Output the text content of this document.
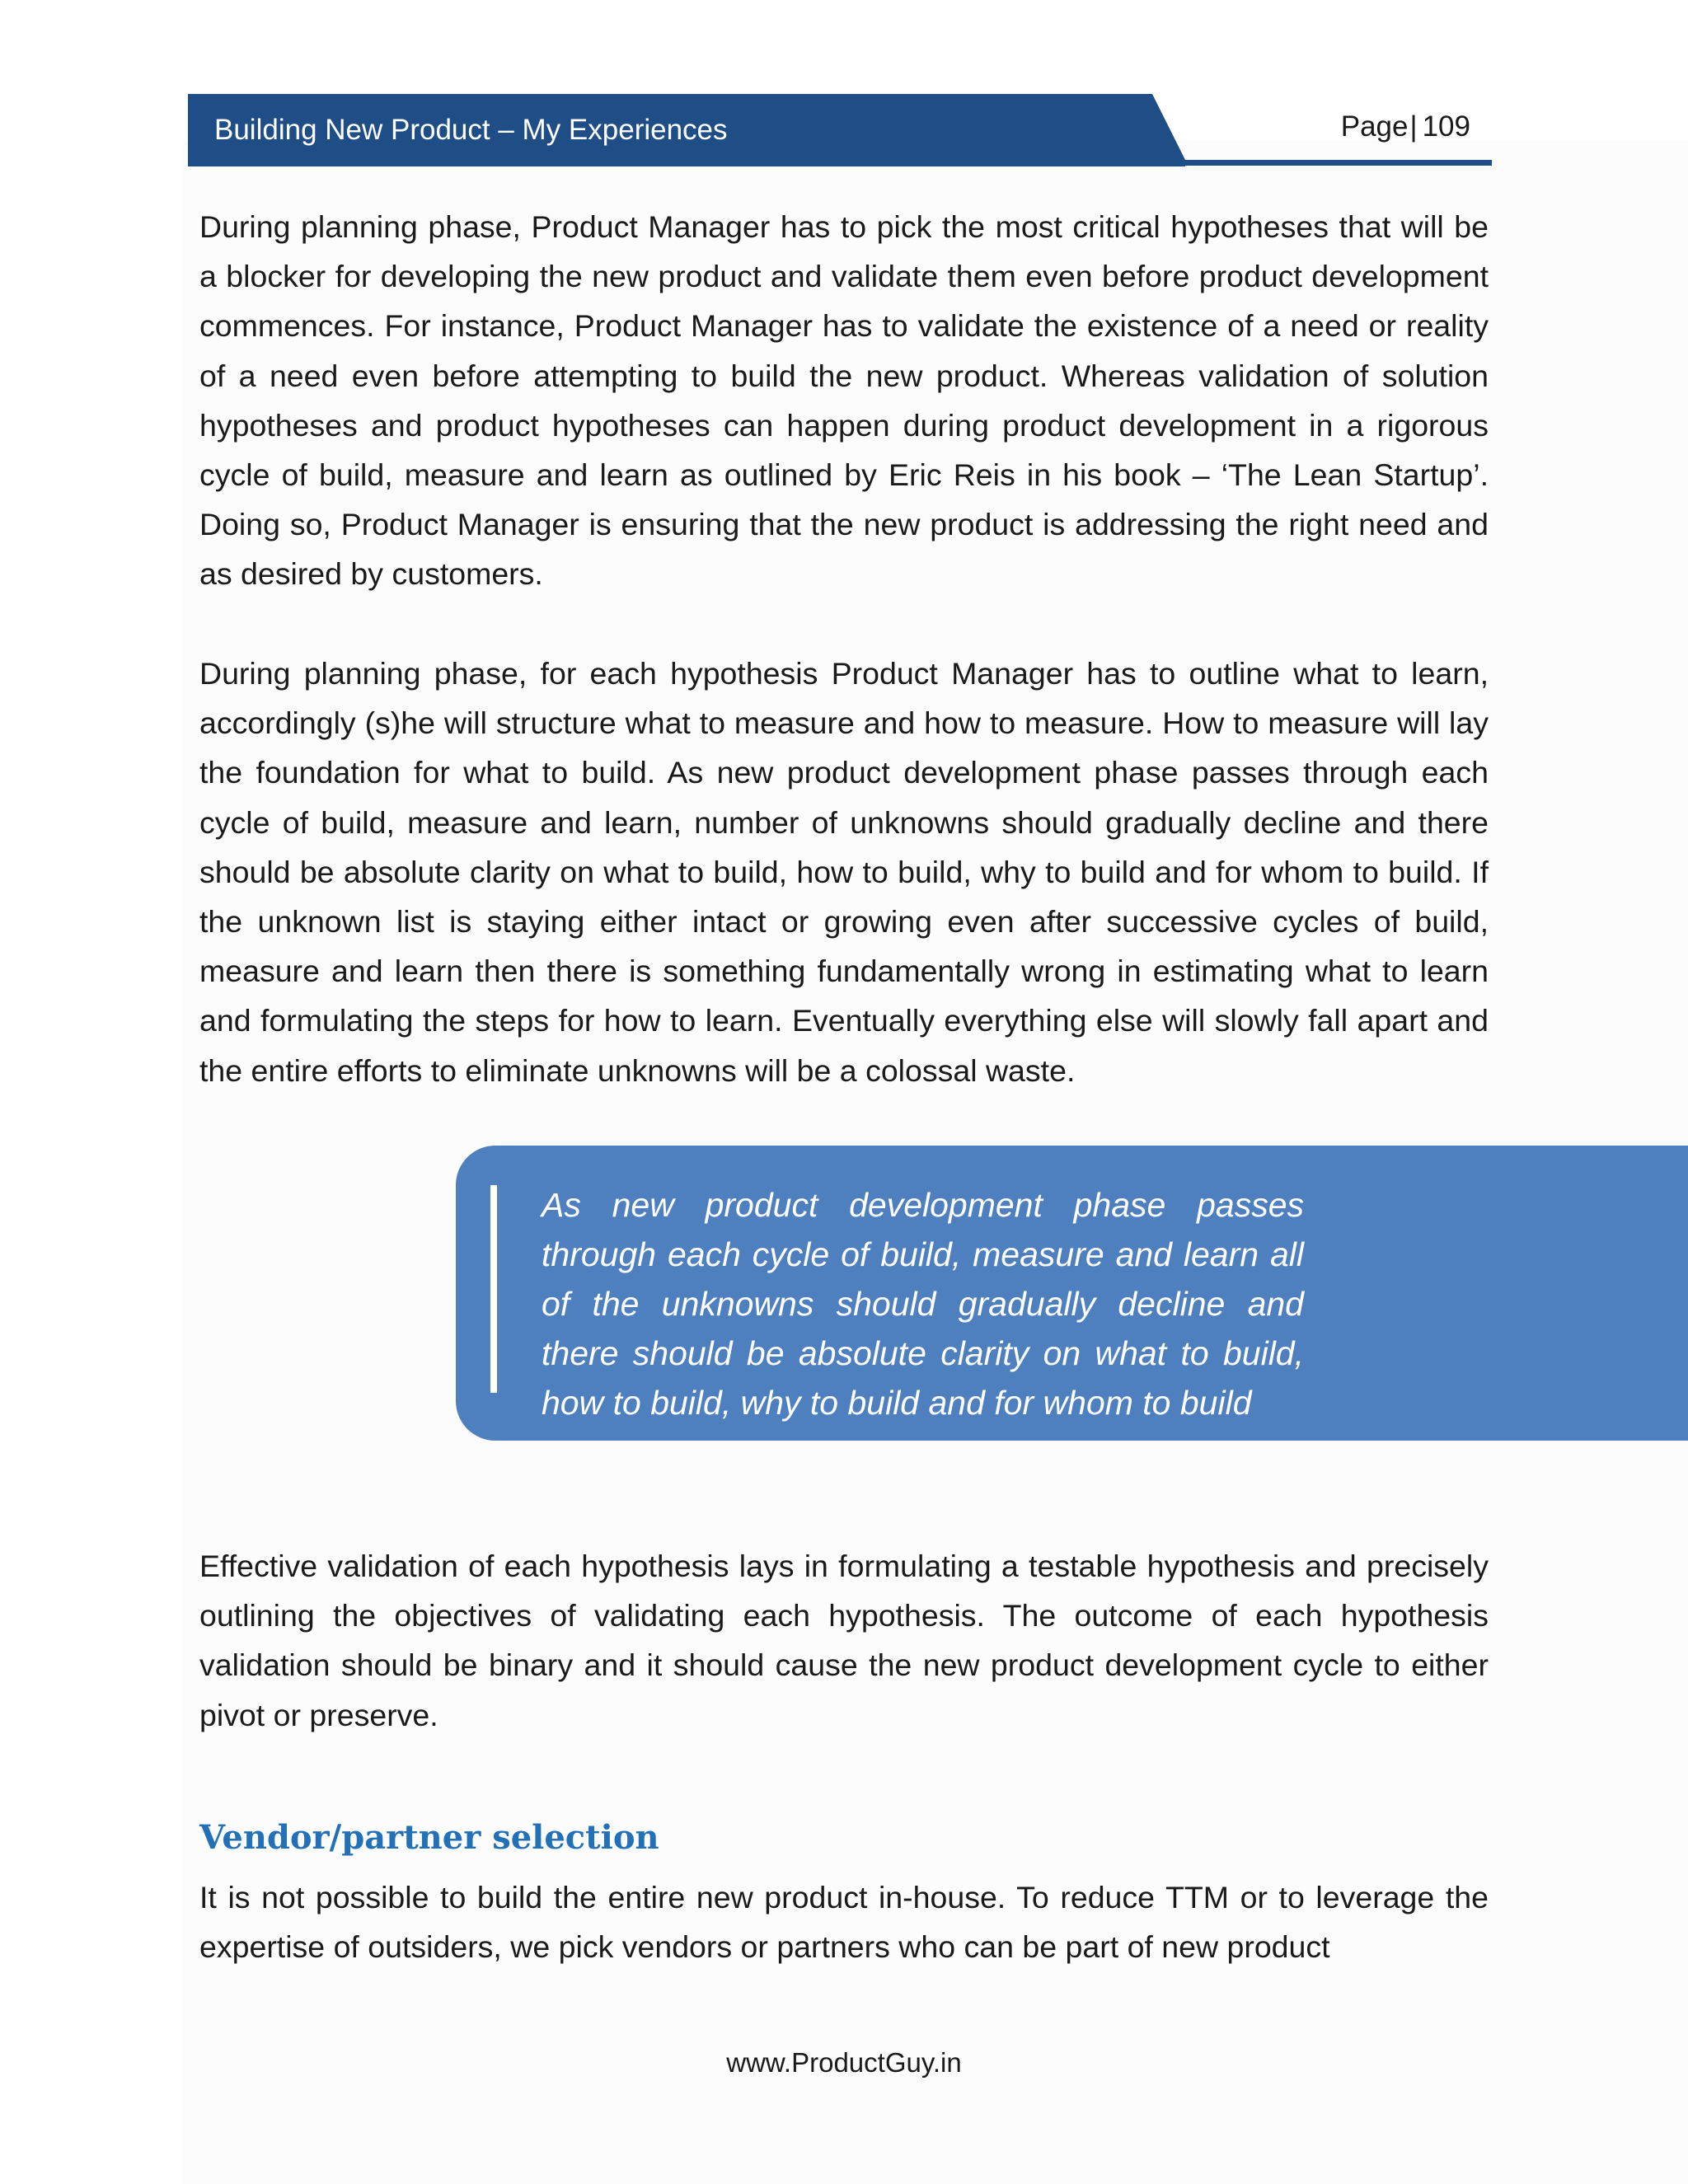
Building New Product – My Experiences	Page| 109

During planning phase, Product Manager has to pick the most critical hypotheses that will be a blocker for developing the new product and validate them even before product development commences. For instance, Product Manager has to validate the existence of a need or reality of a need even before attempting to build the new product. Whereas validation of solution hypotheses and product hypotheses can happen during product development in a rigorous cycle of build, measure and learn as outlined by Eric Reis in his book – ‘The Lean Startup’. Doing so, Product Manager is ensuring that the new product is addressing the right need and as desired by customers.

During planning phase, for each hypothesis Product Manager has to outline what to learn, accordingly (s)he will structure what to measure and how to measure. How to measure will lay the foundation for what to build. As new product development phase passes through each cycle of build, measure and learn, number of unknowns should gradually decline and there should be absolute clarity on what to build, how to build, why to build and for whom to build. If the unknown list is staying either intact or growing even after successive cycles of build, measure and learn then there is something fundamentally wrong in estimating what to learn and formulating the steps for how to learn. Eventually everything else will slowly fall apart and the entire efforts to eliminate unknowns will be a colossal waste.

As new product development phase passes through each cycle of build, measure and learn all of the unknowns should gradually decline and there should be absolute clarity on what to build, how to build, why to build and for whom to build

Effective validation of each hypothesis lays in formulating a testable hypothesis and precisely outlining the objectives of validating each hypothesis. The outcome of each hypothesis validation should be binary and it should cause the new product development cycle to either pivot or preserve.

Vendor/partner selection

It is not possible to build the entire new product in-house. To reduce TTM or to leverage the expertise of outsiders, we pick vendors or partners who can be part of new product

www.ProductGuy.in
